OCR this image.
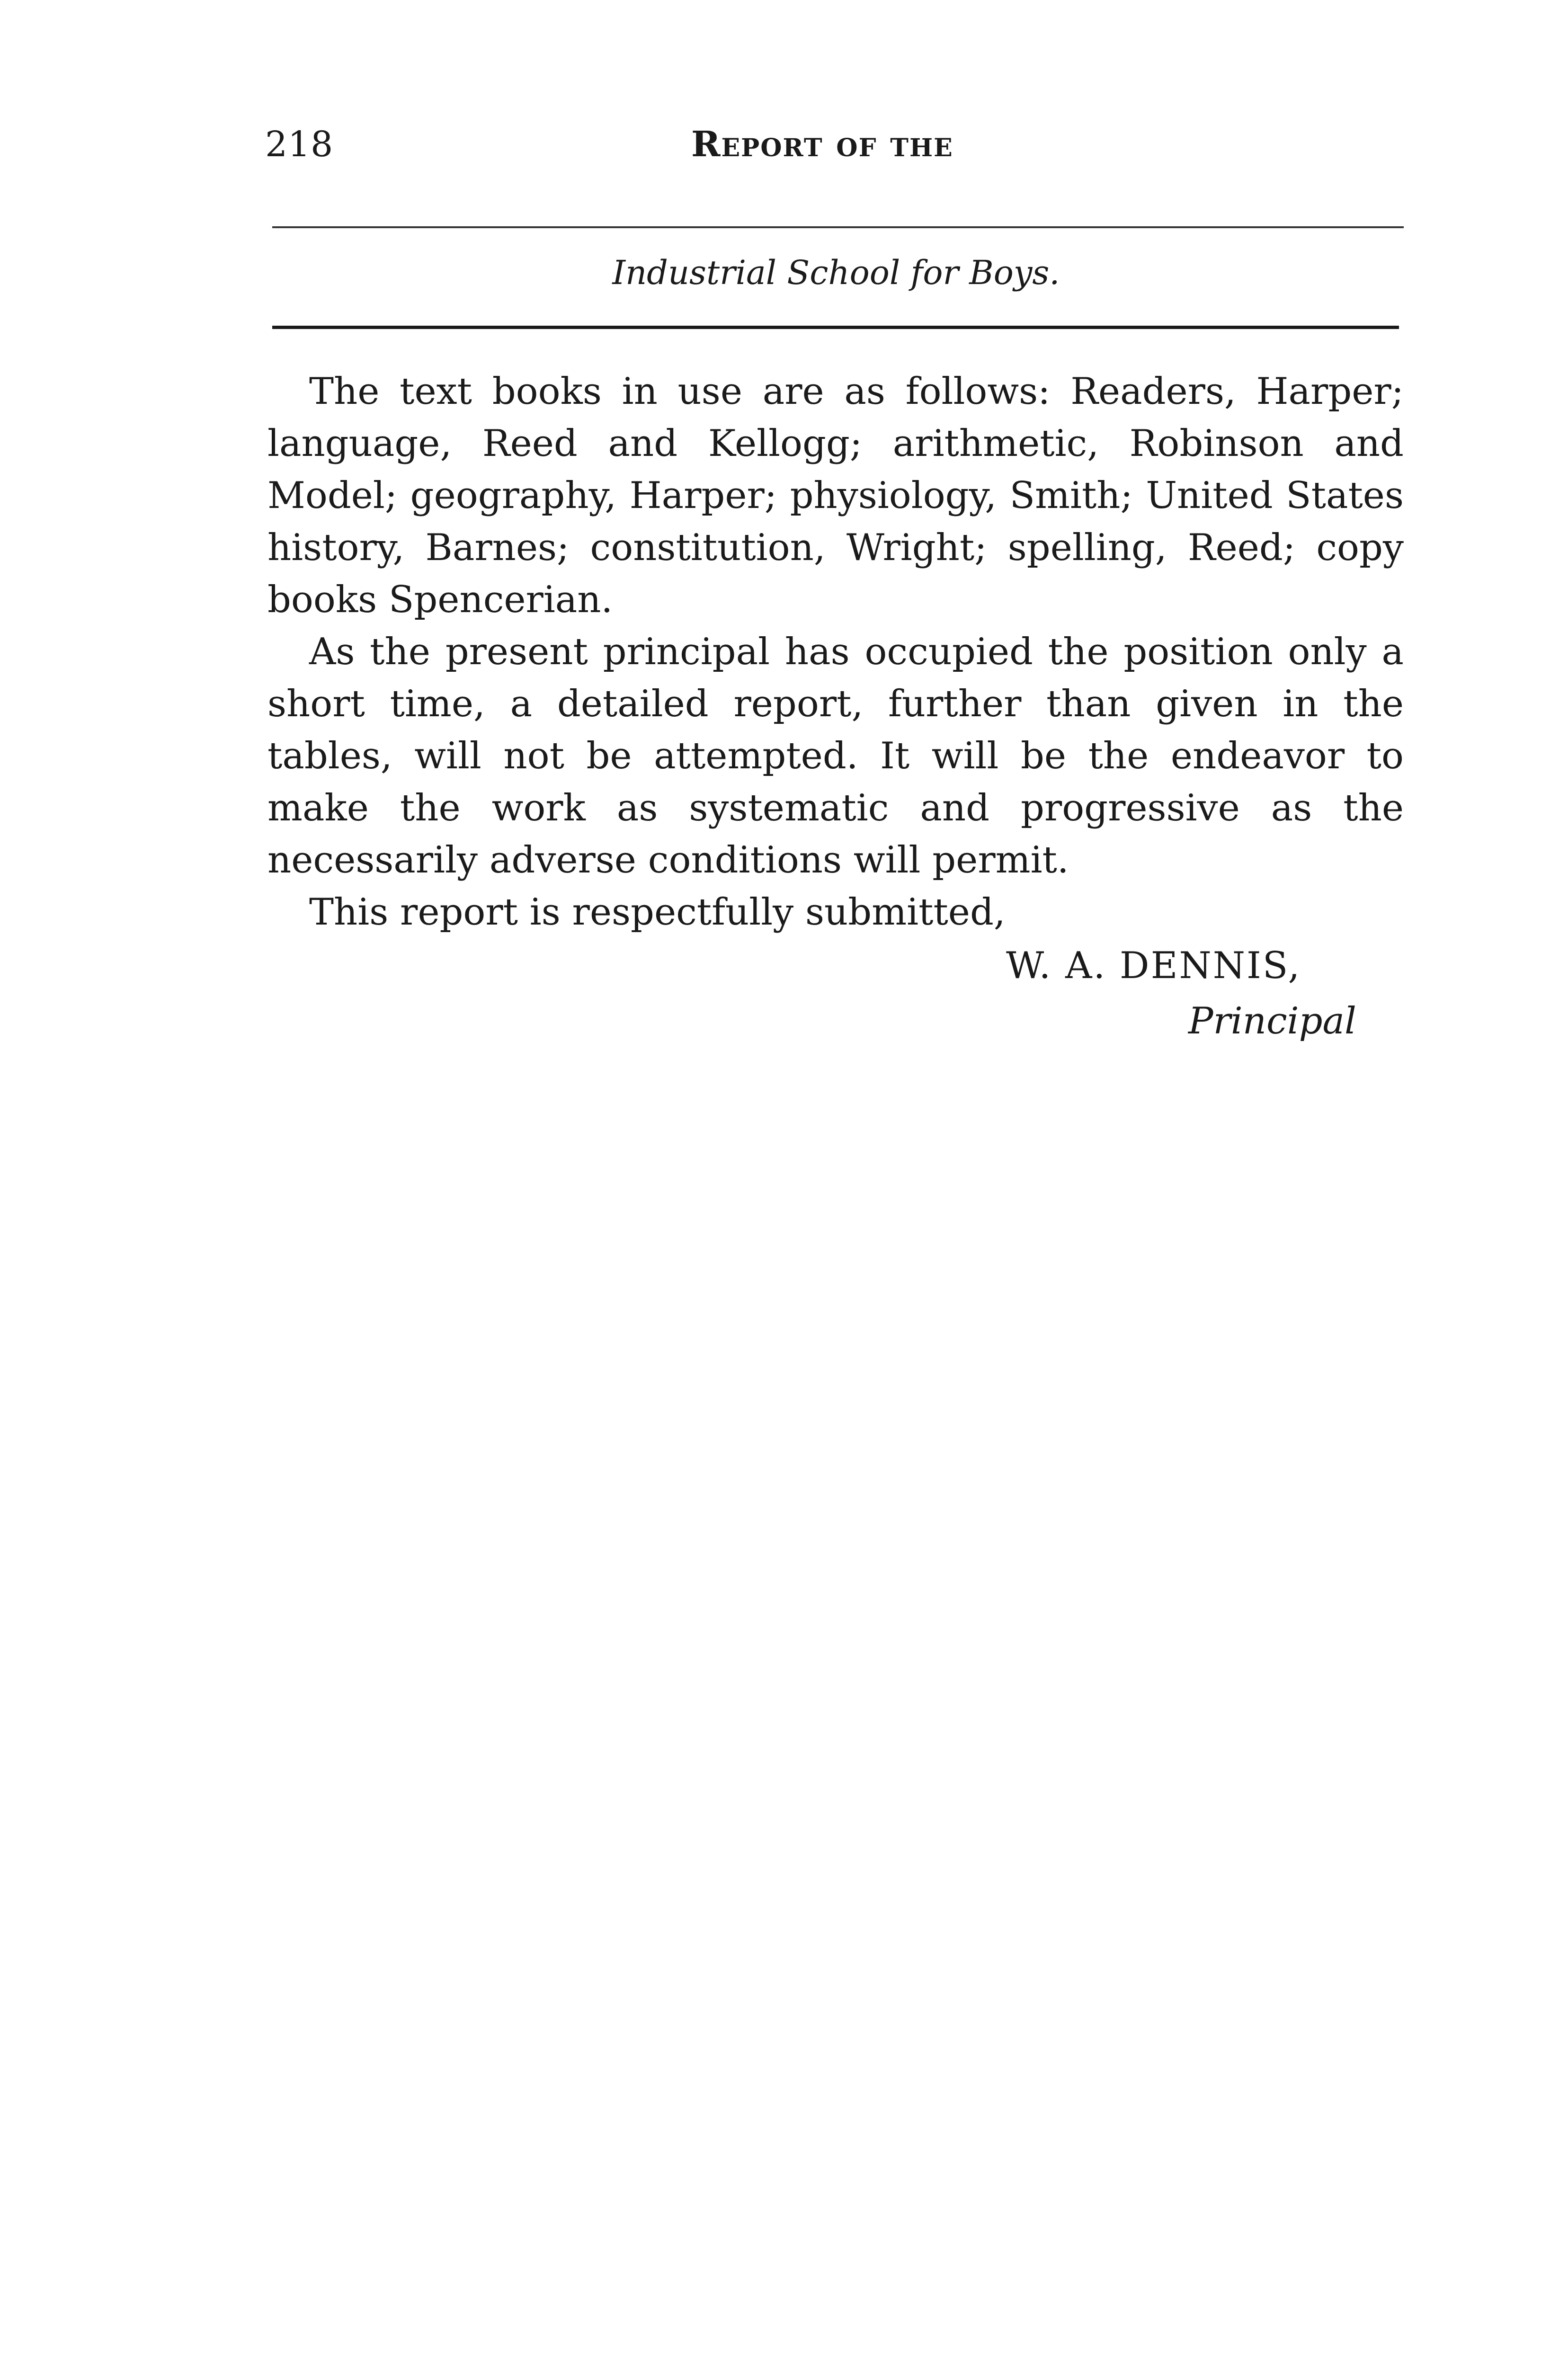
218	Report of the
Industrial School for Boys.

The text books in use are as follows: Readers, Harper; language, Reed and Kellogg; arithmetic, Robinson and Model; geography, Harper; physiology, Smith; United States history, Barnes; constitution, Wright; spelling, Reed; copy books Spencerian.

As the present principal has occupied the position only a short time, a detailed report, further than given in the tables, will not be attempted. It will be the endeavor to make the work as systematic and progressive as the necessarily adverse conditions will permit.

This report is respectfully submitted,

W. A. DENNIS,
Principal
